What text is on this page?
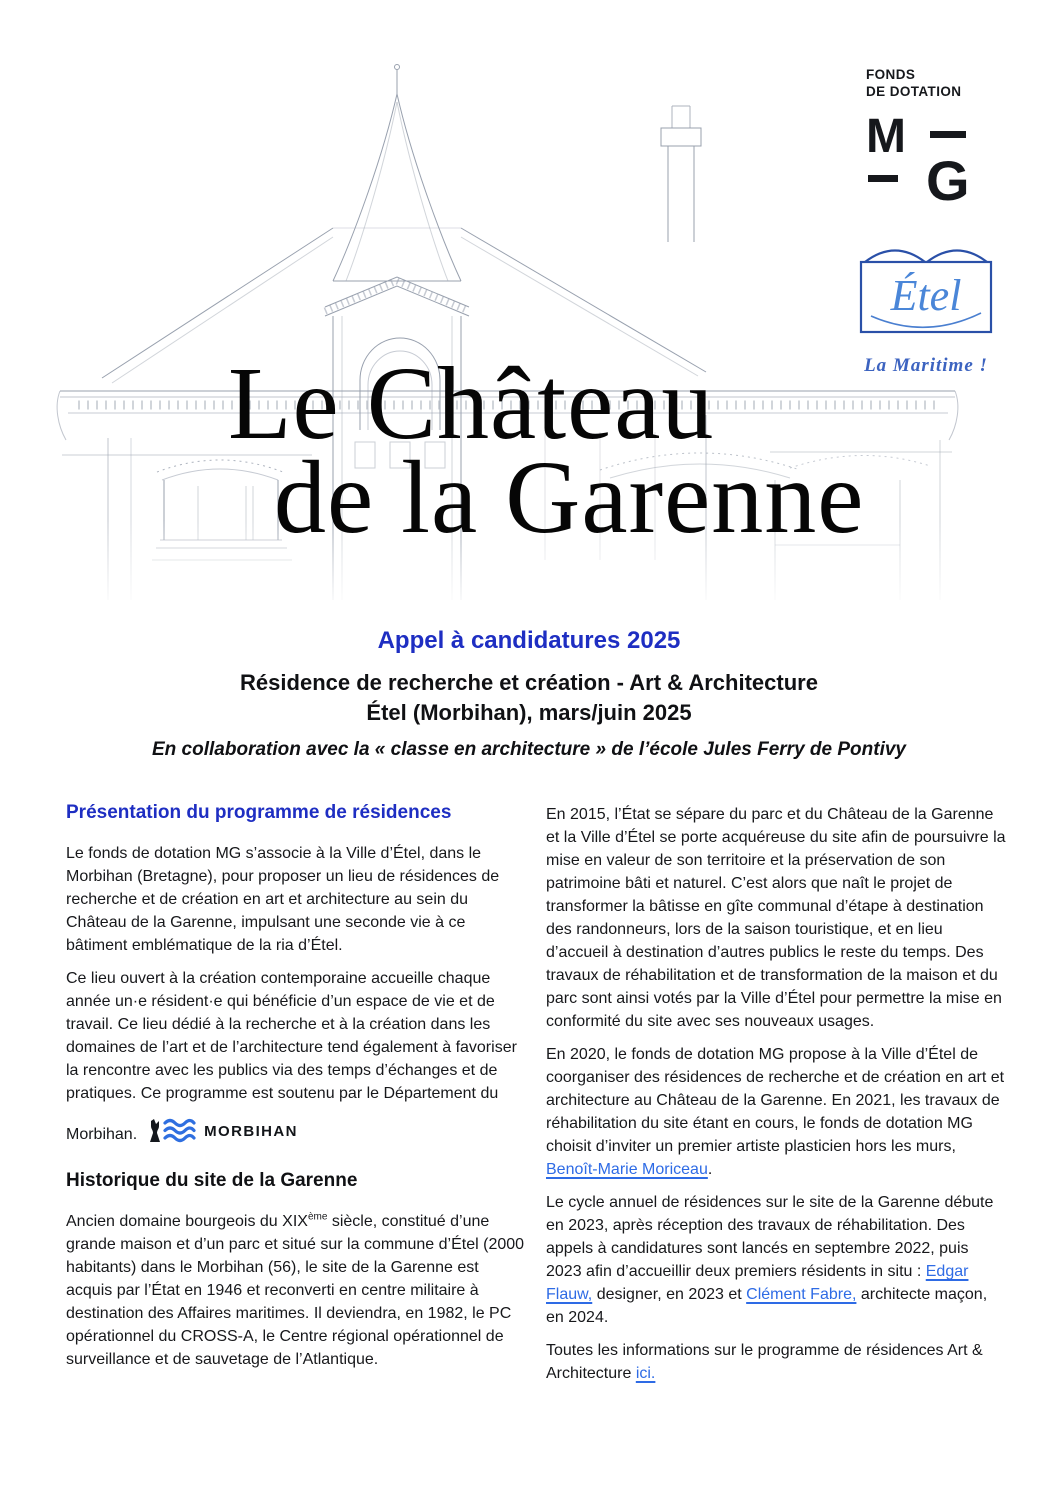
FONDS
DE DOTATION
M
G
Étel
La Maritime !
Le Château
de la Garenne
Appel à candidatures 2025
Résidence de recherche et création - Art & Architecture
Étel (Morbihan), mars/juin 2025
En collaboration avec la « classe en architecture » de l’école Jules Ferry de Pontivy
Présentation du programme de résidences

Le fonds de dotation MG s’associe à la Ville d’Étel, dans le Morbihan (Bretagne), pour proposer un lieu de résidences de recherche et de création en art et architecture au sein du Château de la Garenne, impulsant une seconde vie à ce bâtiment emblématique de la ria d’Étel.

Ce lieu ouvert à la création contemporaine accueille chaque année un·e résident·e qui bénéficie d’un espace de vie et de travail. Ce lieu dédié à la recherche et à la création dans les domaines de l’art et de l’architecture tend également à favoriser la rencontre avec les publics via des temps d’échanges et de pratiques. Ce programme est soutenu par le Département du Morbihan.	MORBIHAN

Historique du site de la Garenne

Ancien domaine bourgeois du XIXème siècle, constitué d’une grande maison et d’un parc et situé sur la commune d’Étel (2000 habitants) dans le Morbihan (56), le site de la Garenne est acquis par l’État en 1946 et reconverti en centre militaire à destination des Affaires maritimes. Il deviendra, en 1982, le PC opérationnel du CROSS-A, le Centre régional opérationnel de surveillance et de sauvetage de l’Atlantique.

En 2015, l’État se sépare du parc et du Château de la Garenne et la Ville d’Étel se porte acquéreuse du site afin de poursuivre la mise en valeur de son territoire et la préservation de son patrimoine bâti et naturel. C’est alors que naît le projet de transformer la bâtisse en gîte communal d’étape à destination des randonneurs, lors de la saison touristique, et en lieu d’accueil à destination d’autres publics le reste du temps. Des travaux de réhabilitation et de transformation de la maison et du parc sont ainsi votés par la Ville d’Étel pour permettre la mise en conformité du site avec ses nouveaux usages.

En 2020, le fonds de dotation MG propose à la Ville d’Étel de coorganiser des résidences de recherche et de création en art et architecture au Château de la Garenne. En 2021, les travaux de réhabilitation du site étant en cours, le fonds de dotation MG choisit d’inviter un premier artiste plasticien hors les murs, Benoît-Marie Moriceau.

Le cycle annuel de résidences sur le site de la Garenne débute en 2023, après réception des travaux de réhabilitation. Des appels à candidatures sont lancés en septembre 2022, puis 2023 afin d’accueillir deux premiers résidents in situ : Edgar Flauw, designer, en 2023 et Clément Fabre, architecte maçon, en 2024.

Toutes les informations sur le programme de résidences Art & Architecture ici.
